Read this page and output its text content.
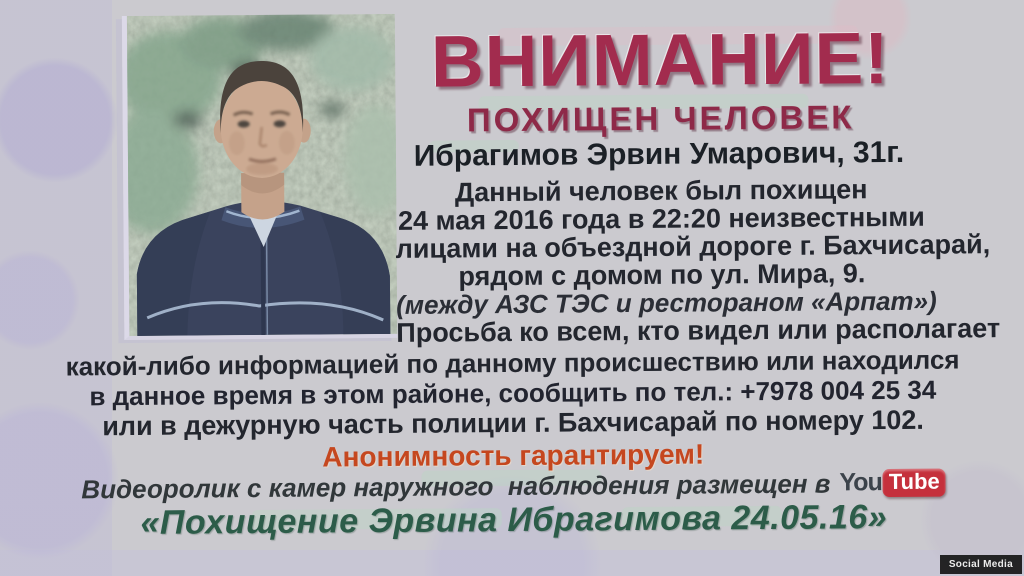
ВНИМАНИЕ!
ПОХИЩЕН ЧЕЛОВЕК
Ибрагимов Эрвин Умарович, 31г.
Данный человек был похищен
24 мая 2016 года в 22:20 неизвестными
лицами на объездной дороге г. Бахчисарай,
рядом с домом по ул. Мира, 9.
(между АЗС ТЭС и рестораном «Арпат»)
Просьба ко всем, кто видел или располагает
какой-либо информацией по данному происшествию или находился
в данное время в этом районе, сообщить по тел.: +7978 004 25 34
или в дежурную часть полиции г. Бахчисарай по номеру 102.
Анонимность гарантируем!
Видеоролик с камер наружного  наблюдения размещен в You Tube
«Похищение Эрвина Ибрагимова 24.05.16»
Social Media
